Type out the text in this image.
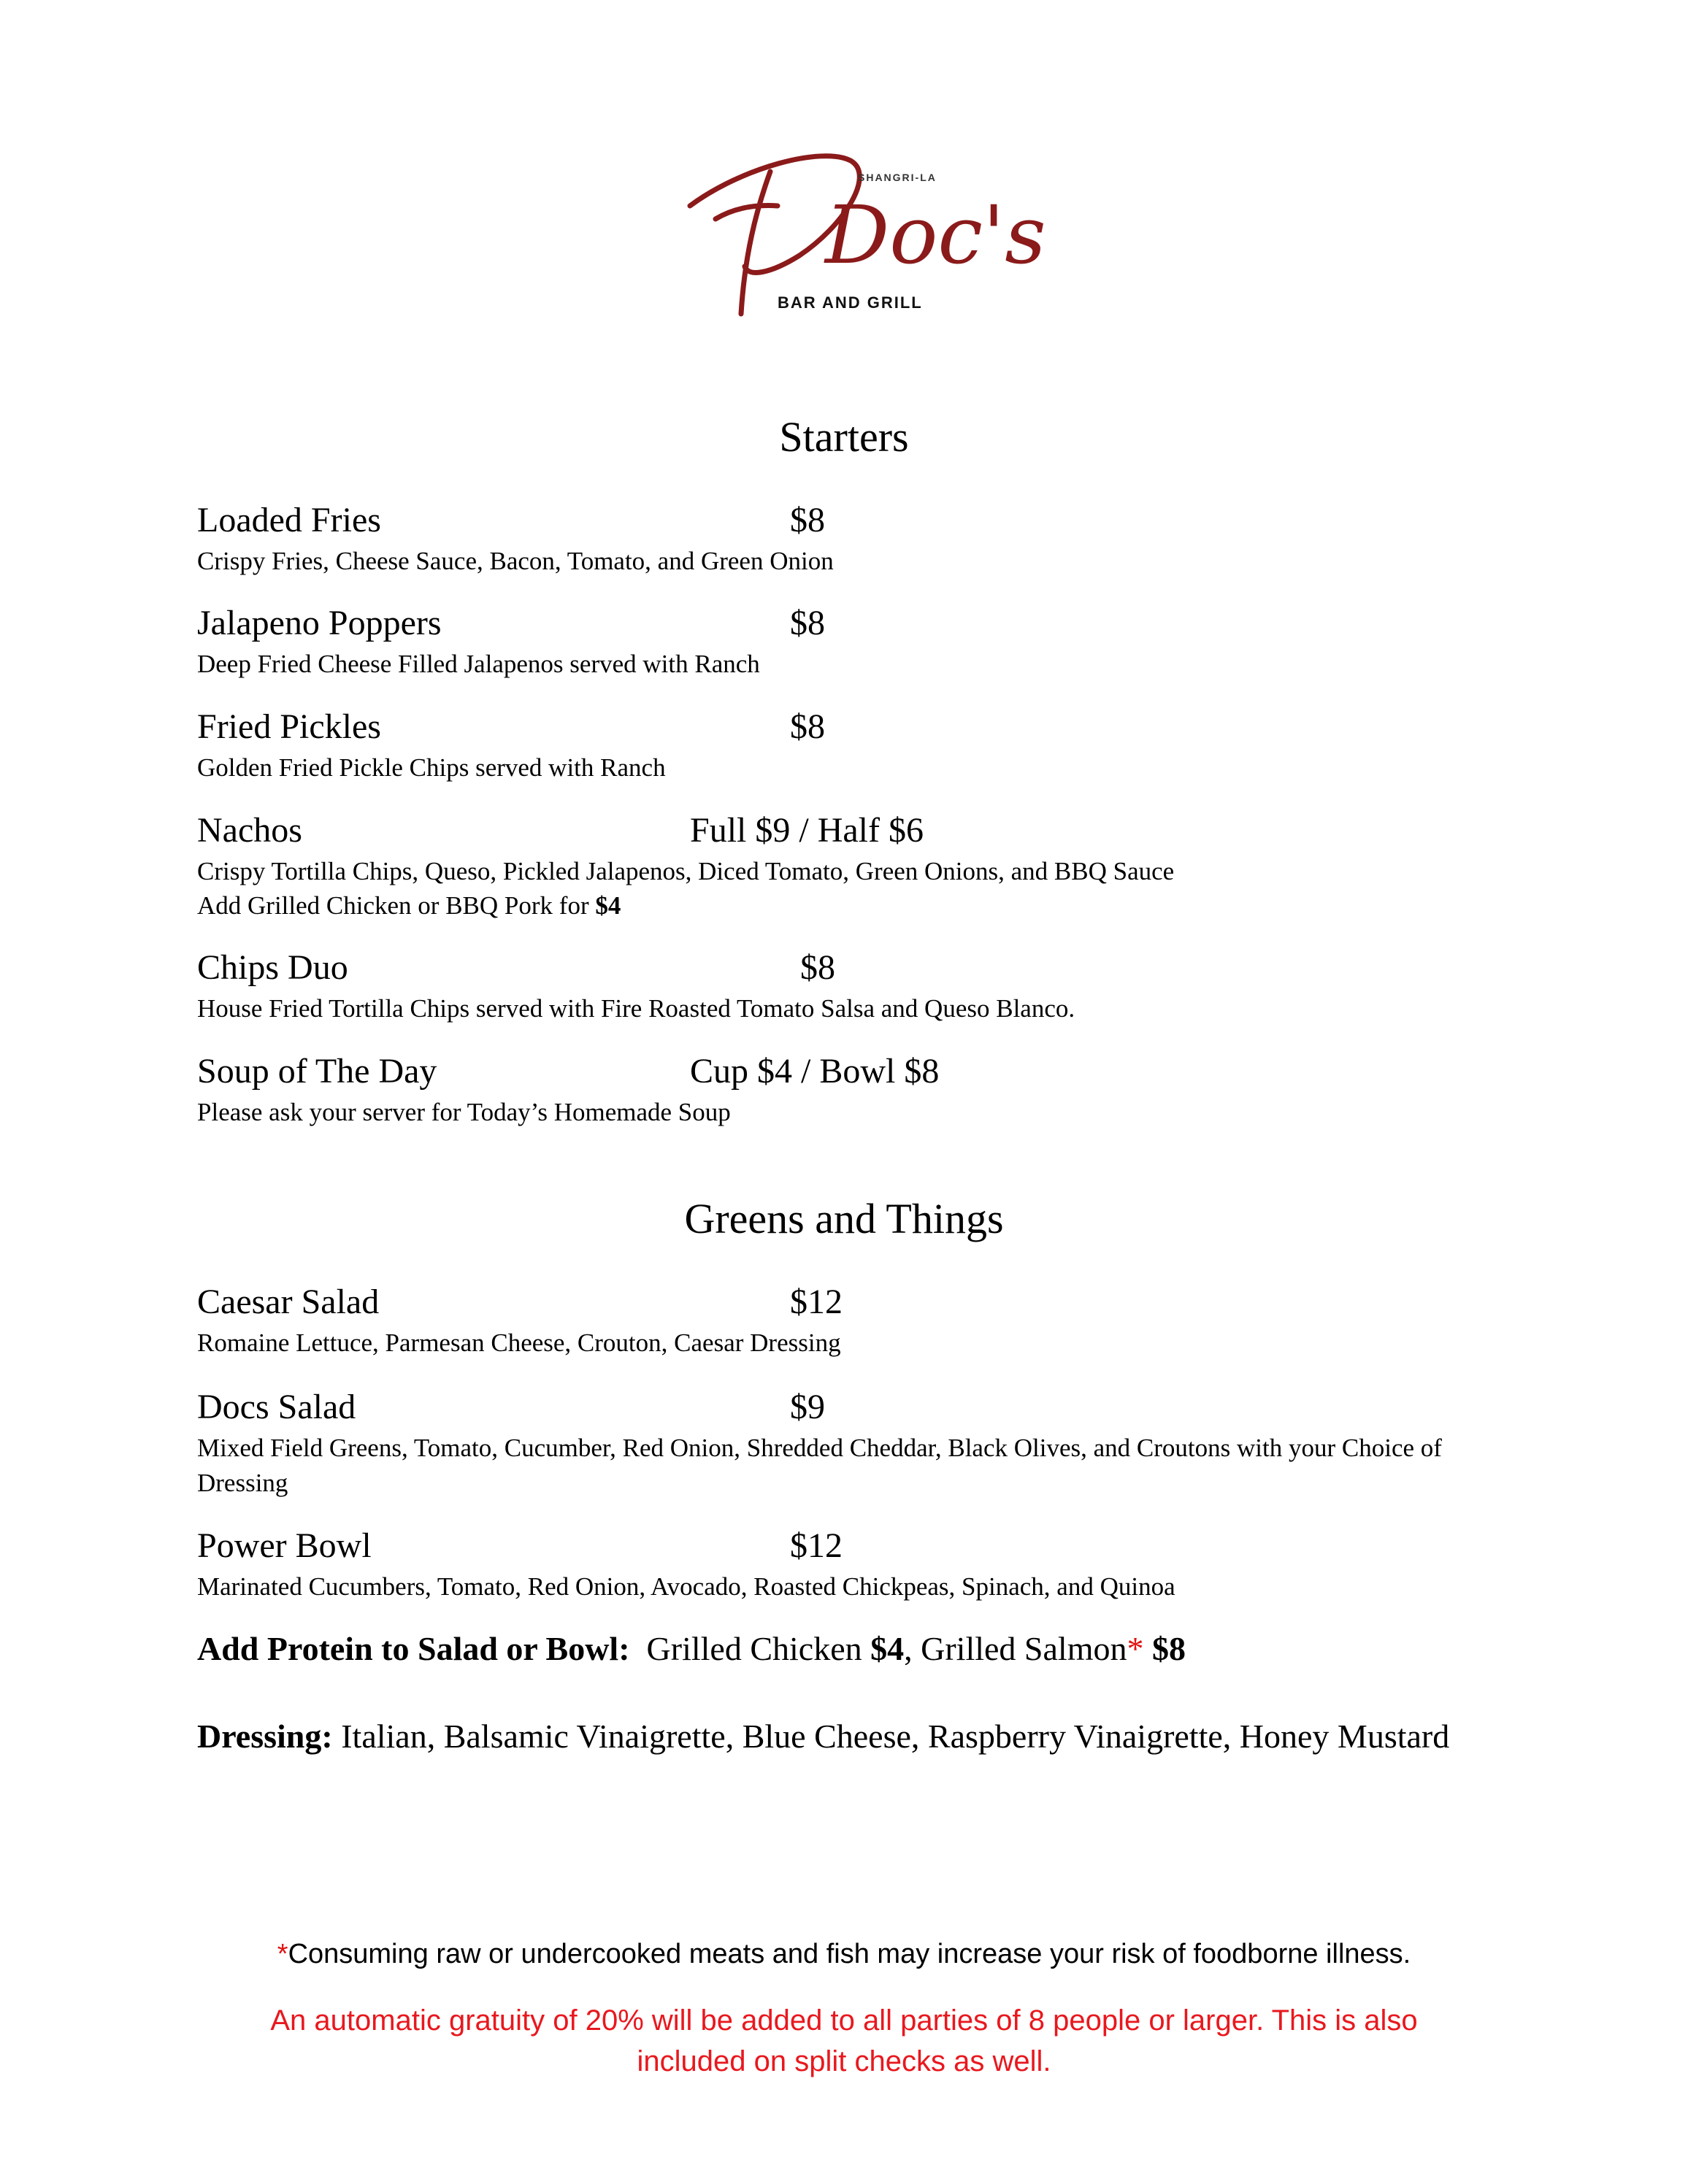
Doc's
SHANGRI-LA
BAR AND GRILL
Starters
Loaded Fries	$8
Crispy Fries, Cheese Sauce, Bacon, Tomato, and Green Onion
Jalapeno Poppers	$8
Deep Fried Cheese Filled Jalapenos served with Ranch
Fried Pickles	$8
Golden Fried Pickle Chips served with Ranch
Nachos	Full $9 / Half $6
Crispy Tortilla Chips, Queso, Pickled Jalapenos, Diced Tomato, Green Onions, and BBQ Sauce
Add Grilled Chicken or BBQ Pork for $4
Chips Duo	$8
House Fried Tortilla Chips served with Fire Roasted Tomato Salsa and Queso Blanco.
Soup of The Day	Cup $4 / Bowl $8
Please ask your server for Today’s Homemade Soup
Greens and Things
Caesar Salad	$12
Romaine Lettuce, Parmesan Cheese, Crouton, Caesar Dressing
Docs Salad	$9
Mixed Field Greens, Tomato, Cucumber, Red Onion, Shredded Cheddar, Black Olives, and Croutons with your Choice of Dressing
Power Bowl	$12
Marinated Cucumbers, Tomato, Red Onion, Avocado, Roasted Chickpeas, Spinach, and Quinoa
Add Protein to Salad or Bowl: Grilled Chicken $4, Grilled Salmon* $8
Dressing: Italian, Balsamic Vinaigrette, Blue Cheese, Raspberry Vinaigrette, Honey Mustard
*Consuming raw or undercooked meats and fish may increase your risk of foodborne illness.
An automatic gratuity of 20% will be added to all parties of 8 people or larger. This is also included on split checks as well.
